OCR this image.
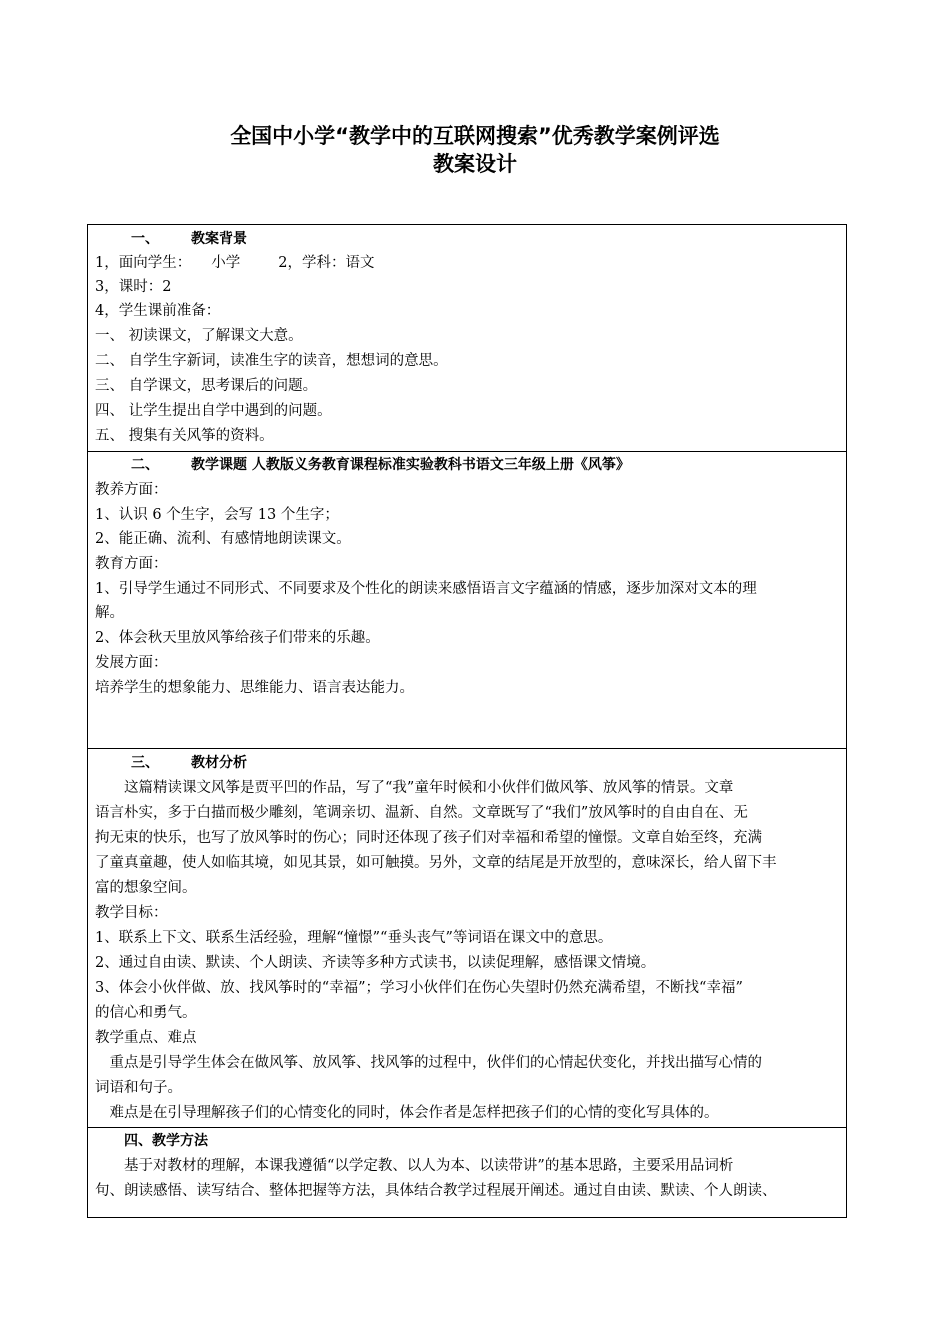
全国中小学“教学中的互联网搜索”优秀教学案例评选
教案设计
一、 教案背景
1，面向学生： 小学	2，学科：语文
3，课时：2
4，学生课前准备：
一、 初读课文，了解课文大意。
二、 自学生字新词，读准生字的读音，想想词的意思。
三、 自学课文，思考课后的问题。
四、 让学生提出自学中遇到的问题。
五、 搜集有关风筝的资料。
二、 教学课题 人教版义务教育课程标准实验教科书语文三年级上册《风筝》
教养方面：
1、认识 6 个生字，会写 13 个生字；
2、能正确、流利、有感情地朗读课文。
教育方面：
1、引导学生通过不同形式、不同要求及个性化的朗读来感悟语言文字蕴涵的情感，逐步加深对文本的理
解。
2、体会秋天里放风筝给孩子们带来的乐趣。
发展方面：
培养学生的想象能力、思维能力、语言表达能力。
三、 教材分析
　　这篇精读课文风筝是贾平凹的作品，写了“我”童年时候和小伙伴们做风筝、放风筝的情景。文章
语言朴实，多于白描而极少雕刻，笔调亲切、温新、自然。文章既写了“我们”放风筝时的自由自在、无
拘无束的快乐，也写了放风筝时的伤心；同时还体现了孩子们对幸福和希望的憧憬。文章自始至终，充满
了童真童趣，使人如临其境，如见其景，如可触摸。另外，文章的结尾是开放型的，意味深长，给人留下丰
富的想象空间。
教学目标：
1、联系上下文、联系生活经验，理解“憧憬”“垂头丧气”等词语在课文中的意思。
2、通过自由读、默读、个人朗读、齐读等多种方式读书，以读促理解，感悟课文情境。
3、体会小伙伴做、放、找风筝时的“幸福”；学习小伙伴们在伤心失望时仍然充满希望，不断找“幸福”
的信心和勇气。
教学重点、难点
　重点是引导学生体会在做风筝、放风筝、找风筝的过程中，伙伴们的心情起伏变化，并找出描写心情的
词语和句子。
　难点是在引导理解孩子们的心情变化的同时，体会作者是怎样把孩子们的心情的变化写具体的。
四、教学方法
　　基于对教材的理解，本课我遵循“以学定教、以人为本、以读带讲”的基本思路，主要采用品词析
句、朗读感悟、读写结合、整体把握等方法，具体结合教学过程展开阐述。通过自由读、默读、个人朗读、
